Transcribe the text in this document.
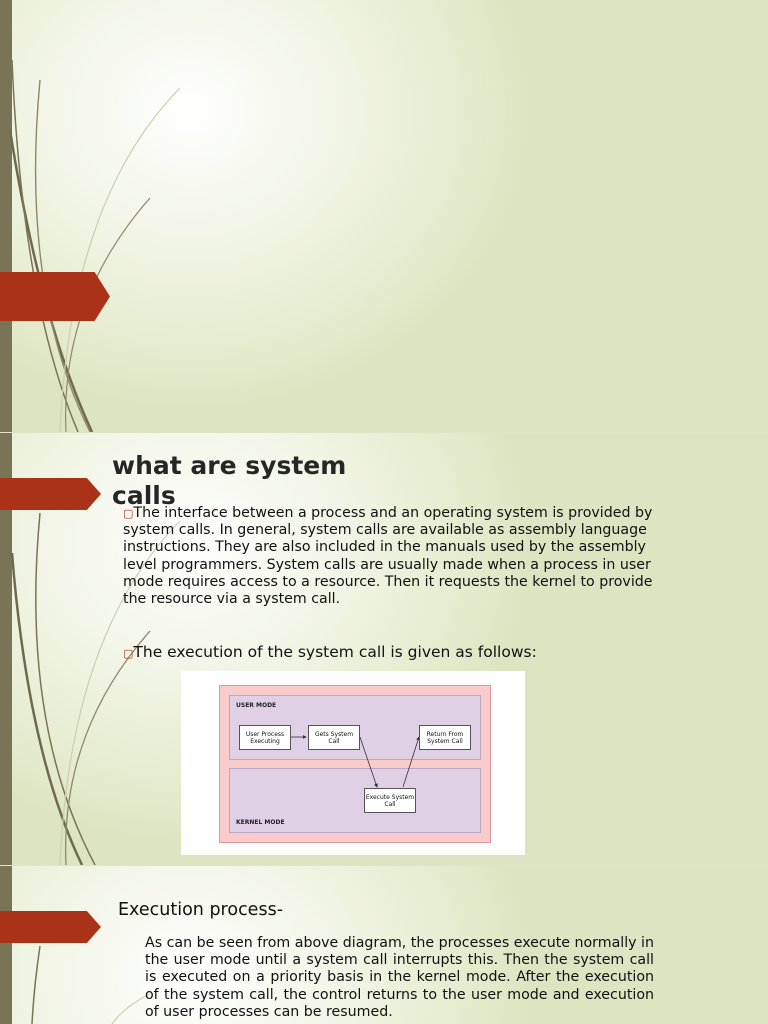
what are system calls
▢The interface between a process and an operating system is provided by system calls. In general, system calls are available as assembly language instructions. They are also included in the manuals used by the assembly level programmers. System calls are usually made when a process in user mode requires access to a resource. Then it requests the kernel to provide the resource via a system call.
▢The execution of the system call is given as follows:
USER MODE
KERNEL MODE
User Process Executing
Gets System Call
Return From System Call
Execute System Call
Execution process-

As can be seen from above diagram, the processes execute normally in the user mode until a system call interrupts this. Then the system call is executed on a priority basis in the kernel mode. After the execution of the system call, the control returns to the user mode and execution of user processes can be resumed.
